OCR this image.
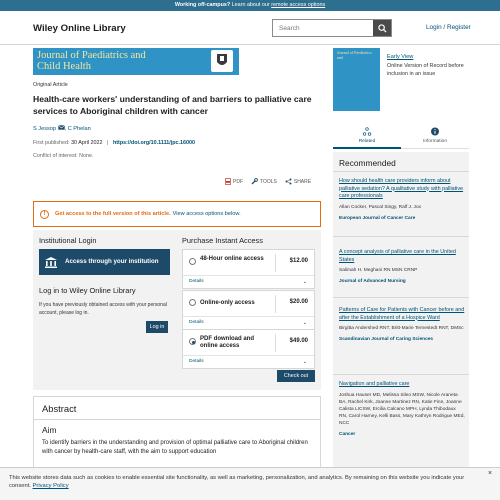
Working off-campus? Learn about our remote access options
Wiley Online Library
Search	Login / Register
Journal of Paediatrics and
Child Health
Original Article
Health-care workers' understanding of and barriers to palliative care services to Aboriginal children with cancer
S Jessop , C Phelan
First published: 30 April 2022 | https://doi.org/10.1111/jpc.16000
Conflict of interest: None.
PDF	TOOLS	SHARE
!	Get access to the full version of this article. View access options below.
Institutional Login
Access through your institution
Log in to Wiley Online Library
If you have previously obtained access with your personal account, please log in.
Log in
Purchase Instant Access
48-Hour online access	$12.00
Details	⌄
Online-only access	$20.00
Details	⌄
PDF download and online access
$49.00
Details	⌄
Check out
Abstract
Aim
To identify barriers in the understanding and provision of optimal palliative care to Aboriginal children with cancer by health-care staff, with the aim to support education
Journal of Paediatrics and	Early View
Online Version of Record before inclusion in an issue
Related	Information
Recommended
How should health care providers inform about palliative sedation? A qualitative study with palliative care professionals
Allan Cocker, Pascal Singy, Ralf J. Jox
European Journal of Cancer Care
A concept analysis of palliative care in the United States
Salimah H. Meghani RN MSN CRNP
Journal of Advanced Nursing
Patterns of Care for Patients with Cancer before and after the Establishment of a Hospice Ward
Birgitta Andershed RNT, Britt-Marie Ternestedt RNT, DMSc
Scandinavian Journal of Caring Sciences
Navigation and palliative care
Joshua Hauser MD, Melissa Sileo MSW, Nicole Araneta BA, Rachel Kirk, Joanne Martinez RN, Katie Finn, Joanne Calista LICSW, Ercilia Calcano MPH, Lynda Thibodaux RN, Carol Harney, Kelli Bass, Mary Kathryn Rodrigue MEd, NCC
Cancer
This website stores data such as cookies to enable essential site functionality, as well as marketing, personalization, and analytics. By remaining on this website you indicate your consent. Privacy Policy
×
